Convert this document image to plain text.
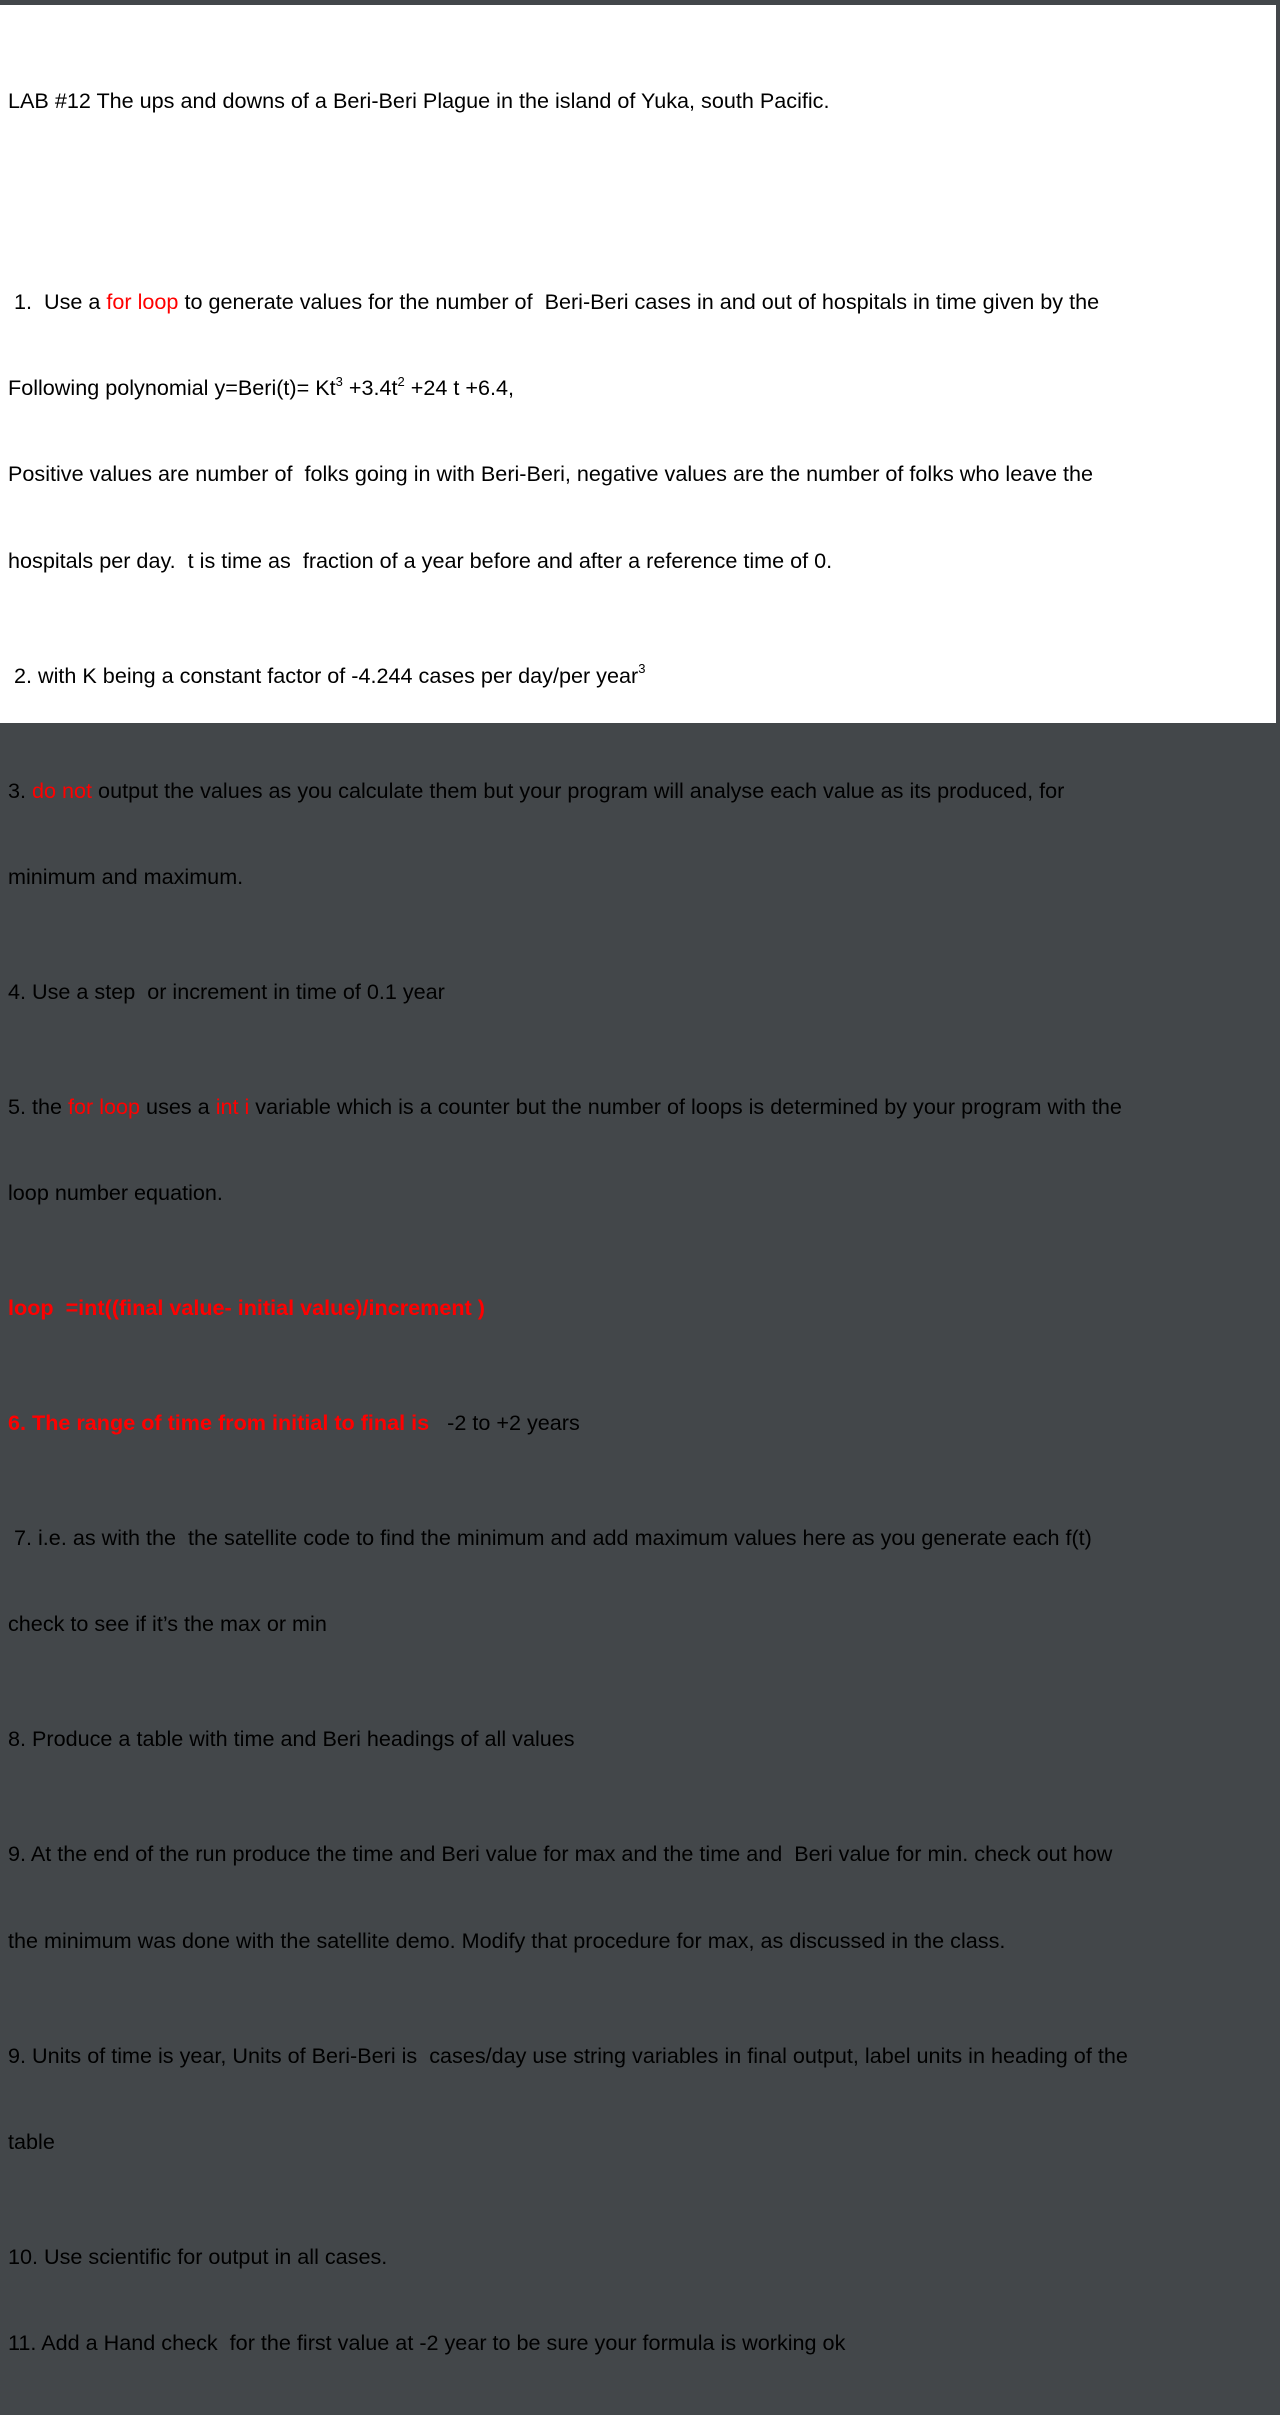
LAB #12 The ups and downs of a Beri-Beri Plague in the island of Yuka, south Pacific.

1.  Use a for loop to generate values for the number of  Beri-Beri cases in and out of hospitals in time given by the

Following polynomial y=Beri(t)= $Kt^3 +3.4t^2 +24$ t +6.4,

Positive values are number of  folks going in with Beri-Beri, negative values are the number of folks who leave the

hospitals per day.  t is time as  fraction of a year before and after a reference time of 0.

2. with K being a constant factor of -4.244 cases per day/per year$^3$

3. do not output the values as you calculate them but your program will analyse each value as its produced, for

minimum and maximum.

4. Use a step  or increment in time of 0.1 year

5. the for loop uses a int i variable which is a counter but the number of loops is determined by your program with the

loop number equation.

loop  =int((final value- initial value)/increment )

6. The range of time from initial to final is   -2 to +2 years

7. i.e. as with the  the satellite code to find the minimum and add maximum values here as you generate each f(t)

check to see if it’s the max or min

8. Produce a table with time and Beri headings of all values

9. At the end of the run produce the time and Beri value for max and the time and  Beri value for min. check out how

the minimum was done with the satellite demo. Modify that procedure for max, as discussed in the class.

9. Units of time is year, Units of Beri-Beri is  cases/day use string variables in final output, label units in heading of the

table

10. Use scientific for output in all cases.

11. Add a Hand check  for the first value at -2 year to be sure your formula is working ok
